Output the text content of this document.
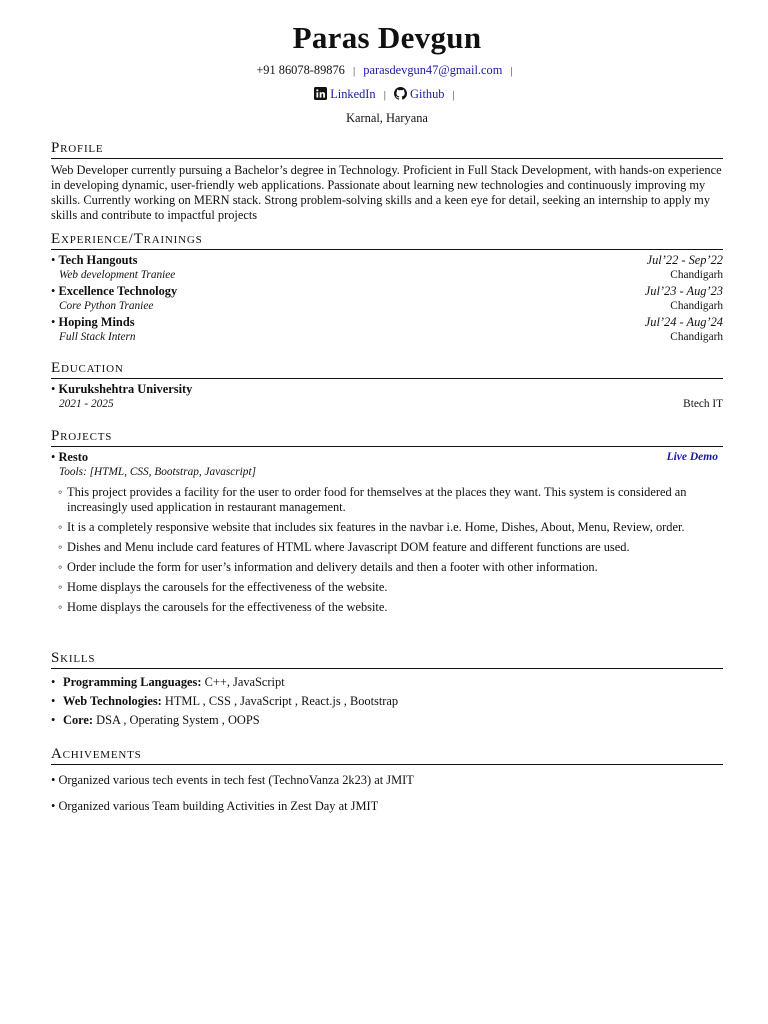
Paras Devgun
+91 86078-89876 | parasdevgun47@gmail.com |
LinkedIn | Github |
Karnal, Haryana
Profile
Web Developer currently pursuing a Bachelor’s degree in Technology. Proficient in Full Stack Development, with hands-on experience in developing dynamic, user-friendly web applications. Passionate about learning new technologies and continuously improving my skills. Currently working on MERN stack. Strong problem-solving skills and a keen eye for detail, seeking an internship to apply my skills and contribute to impactful projects
Experience/Trainings
• Tech Hangouts	Jul’22 - Sep’22
Web development Traniee	Chandigarh
• Excellence Technology	Jul’23 - Aug’23
Core Python Traniee	Chandigarh
• Hoping Minds	Jul’24 - Aug’24
Full Stack Intern	Chandigarh
Education
• Kurukshehtra University
2021 - 2025	Btech IT
Projects
• Resto	Live Demo
Tools: [HTML, CSS, Bootstrap, Javascript]
◦ This project provides a facility for the user to order food for themselves at the places they want. This system is considered an increasingly used application in restaurant management.
◦ It is a completely responsive website that includes six features in the navbar i.e. Home, Dishes, About, Menu, Review, order.
◦ Dishes and Menu include card features of HTML where Javascript DOM feature and different functions are used.
◦ Order include the form for user’s information and delivery details and then a footer with other information.
◦ Home displays the carousels for the effectiveness of the website.
◦ Home displays the carousels for the effectiveness of the website.
Skills
• Programming Languages: C++, JavaScript
• Web Technologies: HTML , CSS , JavaScript , React.js , Bootstrap
• Core: DSA , Operating System , OOPS
Achivements
• Organized various tech events in tech fest (TechnoVanza 2k23) at JMIT
• Organized various Team building Activities in Zest Day at JMIT
